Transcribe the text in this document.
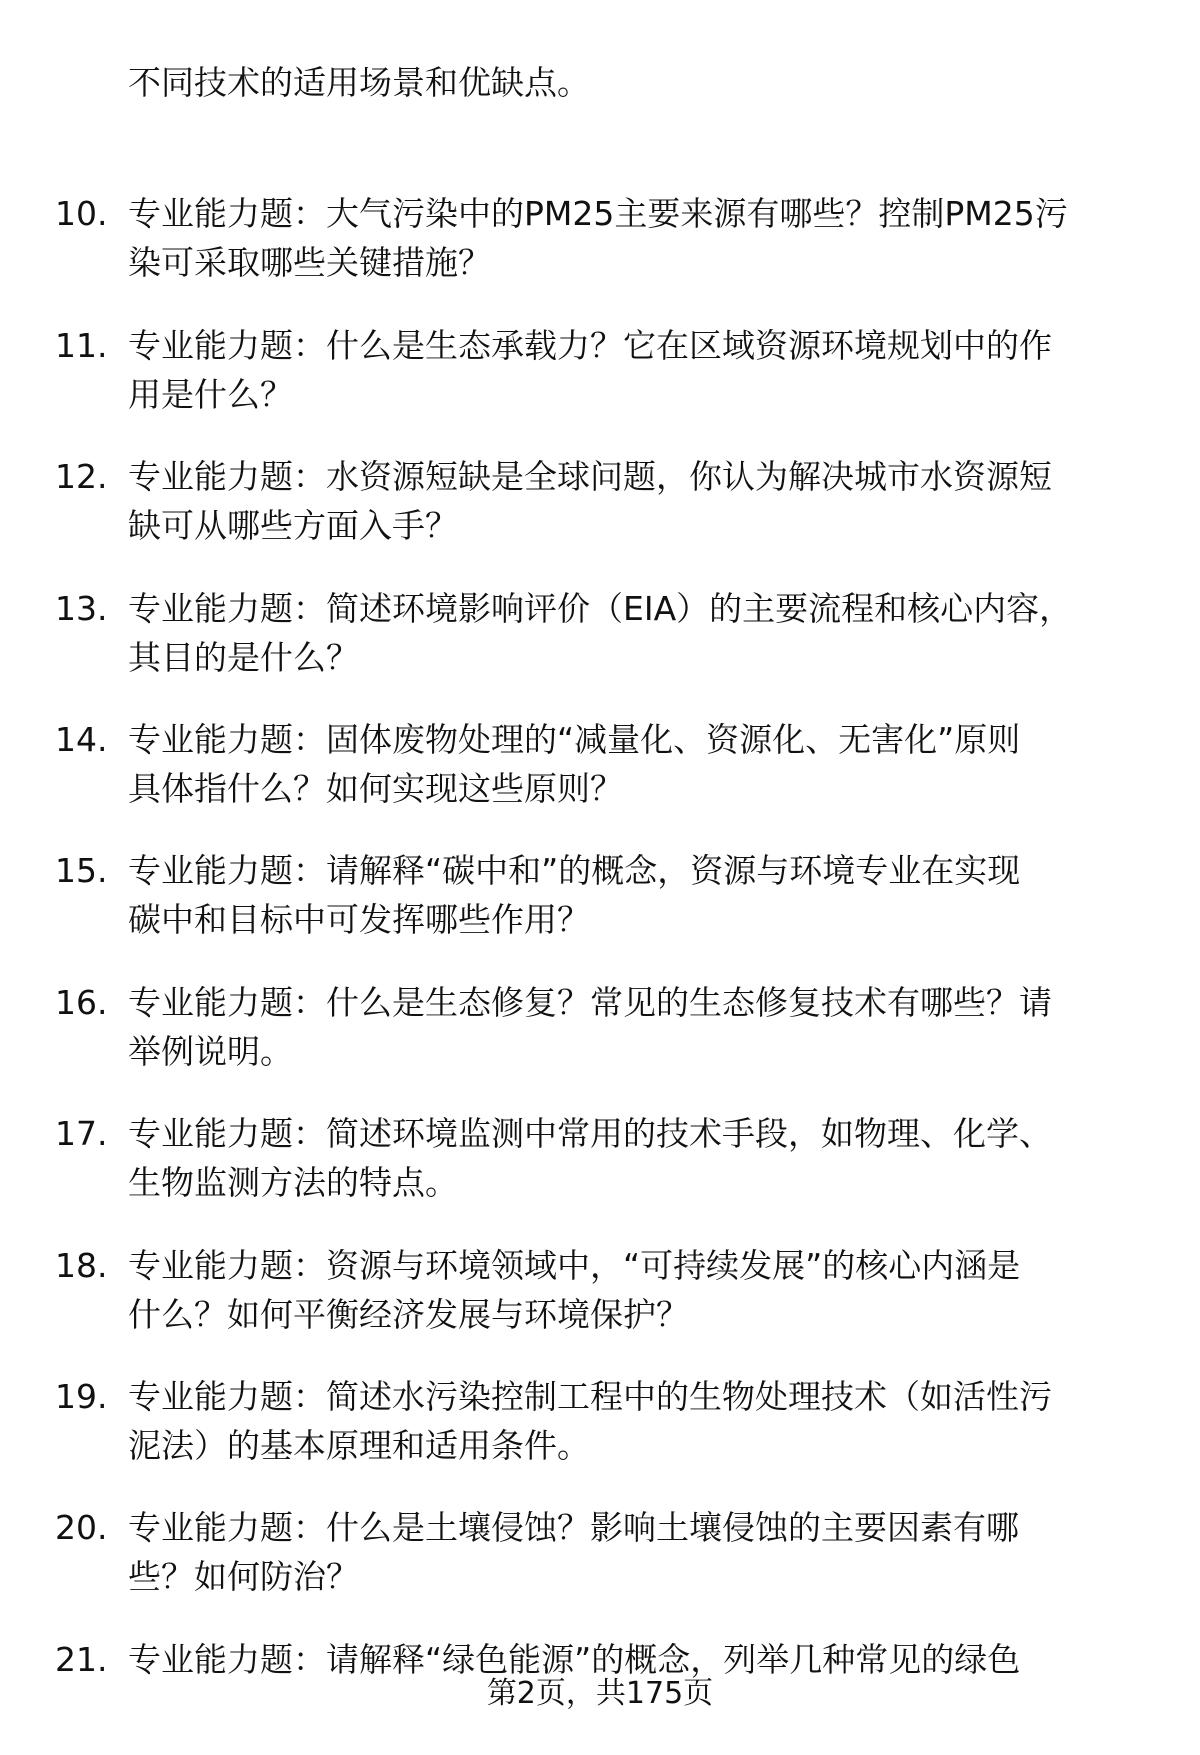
不同技术的适用场景和优缺点。
10. 专业能力题：大气污染中的PM25主要来源有哪些？控制PM25污
染可采取哪些关键措施？
11. 专业能力题：什么是生态承载力？它在区域资源环境规划中的作
用是什么？
12. 专业能力题：水资源短缺是全球问题，你认为解决城市水资源短
缺可从哪些方面入手？
13. 专业能力题：简述环境影响评价（EIA）的主要流程和核心内容，
其目的是什么？
14. 专业能力题：固体废物处理的“减量化、资源化、无害化”原则
具体指什么？如何实现这些原则？
15. 专业能力题：请解释“碳中和”的概念，资源与环境专业在实现
碳中和目标中可发挥哪些作用？
16. 专业能力题：什么是生态修复？常见的生态修复技术有哪些？请
举例说明。
17. 专业能力题：简述环境监测中常用的技术手段，如物理、化学、
生物监测方法的特点。
18. 专业能力题：资源与环境领域中，“可持续发展”的核心内涵是
什么？如何平衡经济发展与环境保护？
19. 专业能力题：简述水污染控制工程中的生物处理技术（如活性污
泥法）的基本原理和适用条件。
20. 专业能力题：什么是土壤侵蚀？影响土壤侵蚀的主要因素有哪
些？如何防治？
21. 专业能力题：请解释“绿色能源”的概念，列举几种常见的绿色
第2页，共175页
